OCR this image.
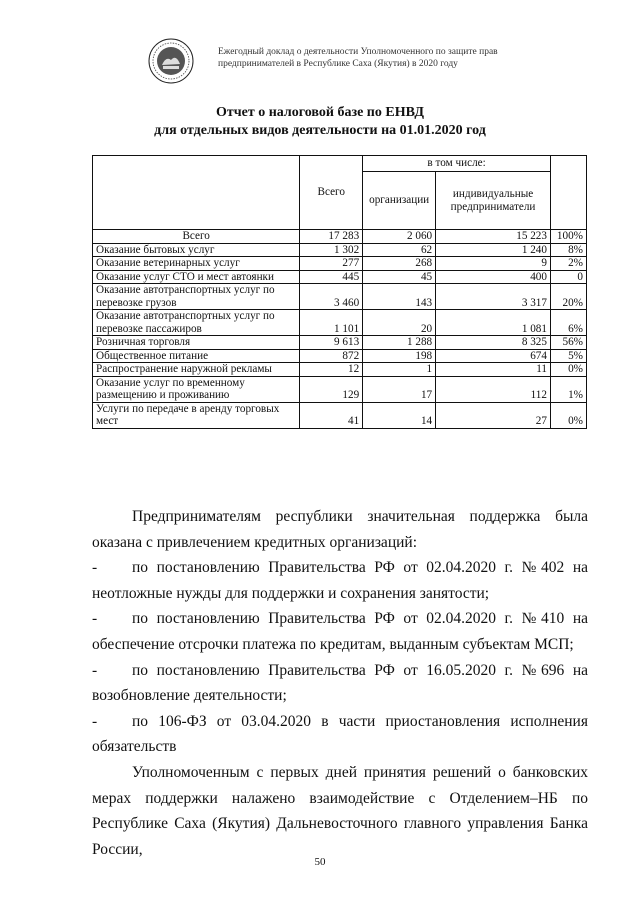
Ежегодный доклад о деятельности Уполномоченного по защите прав
предпринимателей в Республике Саха (Якутия) в 2020 году
Отчет о налоговой базе по ЕНВД
для отдельных видов деятельности на 01.01.2020 год
	Всего	в том числе:		
		организации	индивидуальные предприниматели	
Всего	17 283	2 060	15 223	100%
Оказание бытовых услуг	1 302	62	1 240	8%
Оказание ветеринарных услуг	277	268	9	2%
Оказание услуг СТО и мест автоянки	445	45	400	0
Оказание автотранспортных услуг по перевозке грузов	3 460	143	3 317	20%
Оказание автотранспортных услуг по перевозке пассажиров	1 101	20	1 081	6%
Розничная торговля	9 613	1 288	8 325	56%
Общественное питание	872	198	674	5%
Распространение наружной рекламы	12	1	11	0%
Оказание услуг по временному размещению и проживанию	129	17	112	1%
Услуги по передаче в аренду торговых мест	41	14	27	0%

Предпринимателям республики значительная поддержка была оказана с привлечением кредитных организаций:

-	по постановлению Правительства РФ от 02.04.2020 г. №402 на

неотложные нужды для поддержки и сохранения занятости;

-	по постановлению Правительства РФ от 02.04.2020 г. №410 на

обеспечение отсрочки платежа по кредитам, выданным субъектам МСП;

-	по постановлению Правительства РФ от 16.05.2020 г. №696 на

возобновление деятельности;

-	по 106-ФЗ от 03.04.2020 в части приостановления исполнения

обязательств

Уполномоченным с первых дней принятия решений о банковских мерах поддержки налажено взаимодействие с Отделением–НБ по Республике Саха (Якутия) Дальневосточного главного управления Банка России,

50
